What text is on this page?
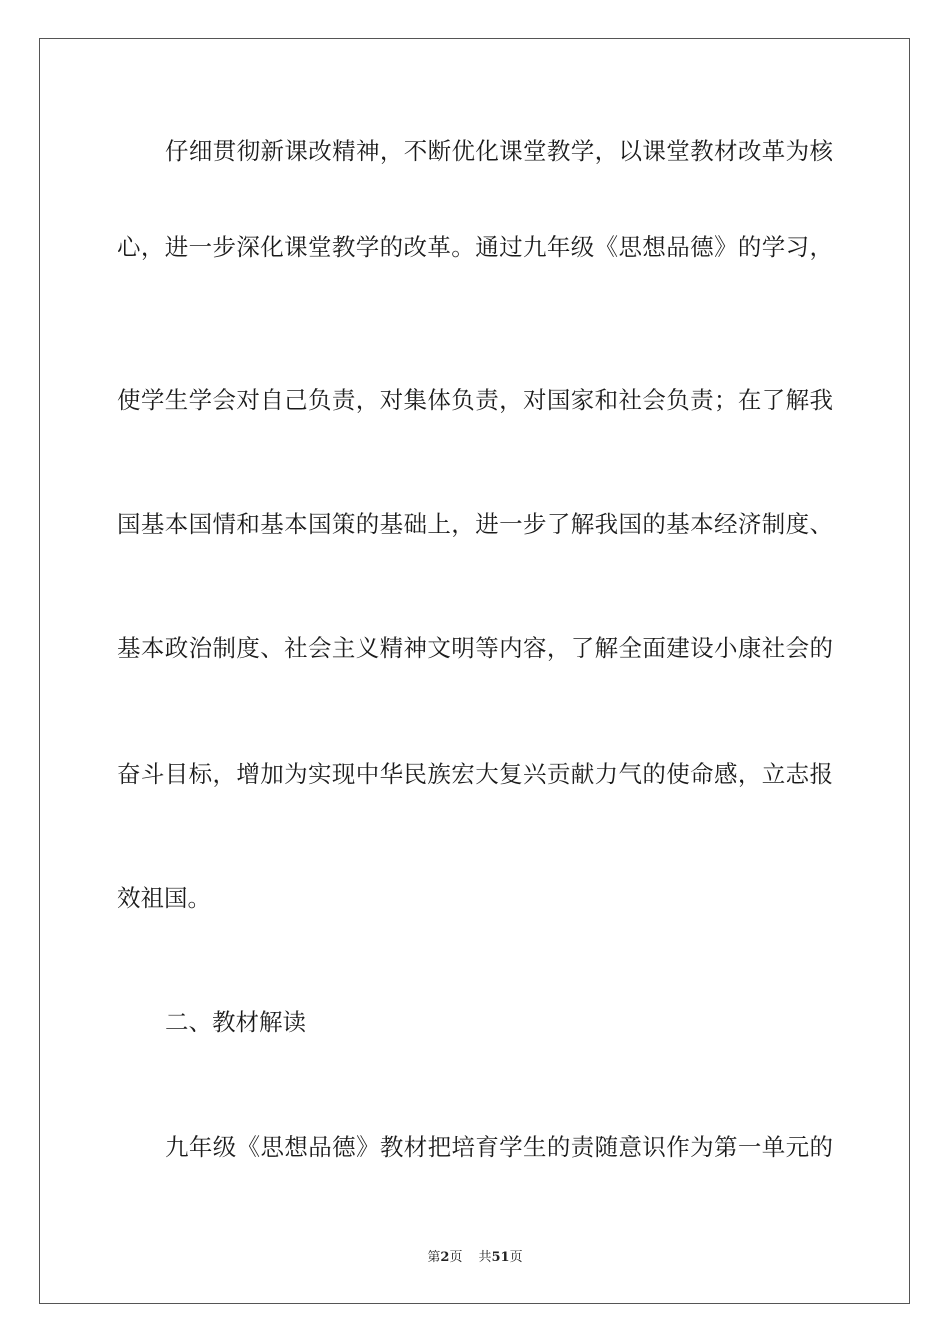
仔细贯彻新课改精神，不断优化课堂教学，以课堂教材改革为核
心，进一步深化课堂教学的改革。通过九年级《思想品德》的学习，
使学生学会对自己负责，对集体负责，对国家和社会负责；在了解我
国基本国情和基本国策的基础上，进一步了解我国的基本经济制度、
基本政治制度、社会主义精神文明等内容，了解全面建设小康社会的
奋斗目标，增加为实现中华民族宏大复兴贡献力气的使命感，立志报
效祖国。
二、教材解读
九年级《思想品德》教材把培育学生的责随意识作为第一单元的
第2页 共51页
